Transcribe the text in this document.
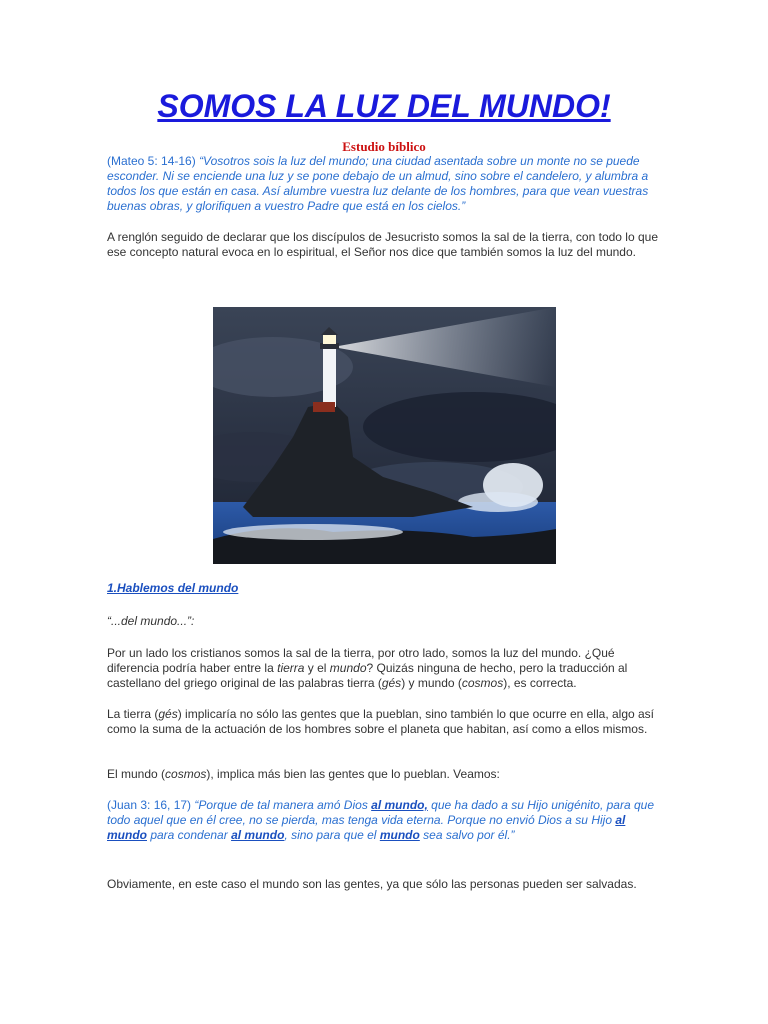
SOMOS LA LUZ DEL MUNDO!

Estudio bíblico

(Mateo 5: 14-16) “Vosotros sois la luz del mundo; una ciudad asentada sobre un monte no se puede esconder. Ni se enciende una luz y se pone debajo de un almud, sino sobre el candelero, y alumbra a todos los que están en casa. Así alumbre vuestra luz delante de los hombres, para que vean vuestras buenas obras, y glorifiquen a vuestro Padre que está en los cielos.”

A renglón seguido de declarar que los discípulos de Jesucristo somos la sal de la tierra, con todo lo que ese concepto natural evoca en lo espiritual, el Señor nos dice que también somos la luz del mundo.

1.Hablemos del mundo

“...del mundo...”:

Por un lado los cristianos somos la sal de la tierra, por otro lado, somos la luz del mundo. ¿Qué diferencia podría haber entre la tierra y el mundo? Quizás ninguna de hecho, pero la traducción al castellano del griego original de las palabras tierra (gés) y mundo (cosmos), es correcta.

La tierra (gés) implicaría no sólo las gentes que la pueblan, sino también lo que ocurre en ella, algo así como la suma de la actuación de los hombres sobre el planeta que habitan, así como a ellos mismos.

El mundo (cosmos), implica más bien las gentes que lo pueblan. Veamos:

(Juan 3: 16, 17) “Porque de tal manera amó Dios al mundo, que ha dado a su Hijo unigénito, para que todo aquel que en él cree, no se pierda, mas tenga vida eterna. Porque no envió Dios a su Hijo al mundo para condenar al mundo, sino para que el mundo sea salvo por él.”

Obviamente, en este caso el mundo son las gentes, ya que sólo las personas pueden ser salvadas.
